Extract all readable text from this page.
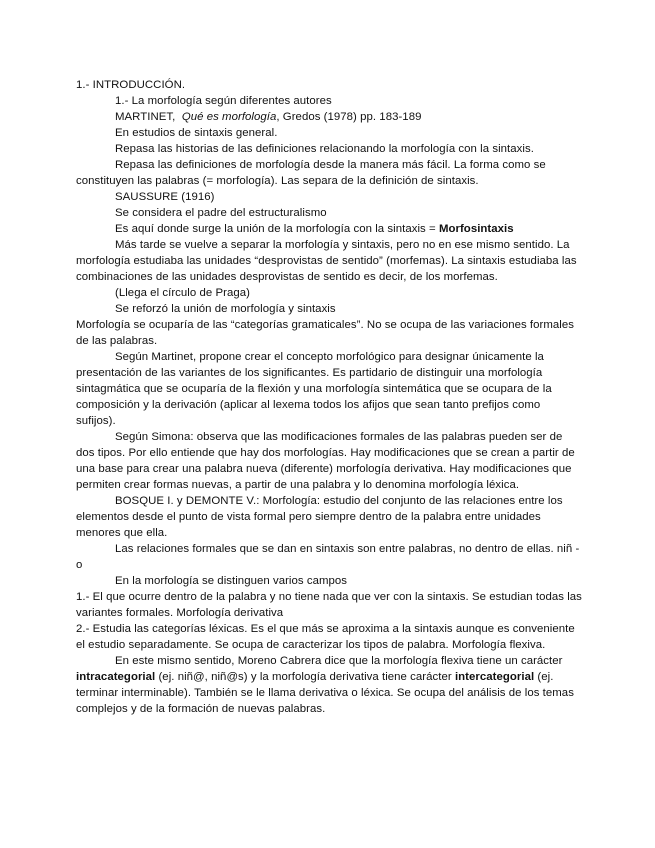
1.- INTRODUCCIÓN.

1.- La morfología según diferentes autores

MARTINET, Qué es morfología, Gredos (1978) pp. 183-189

En estudios de sintaxis general.

Repasa las historias de las definiciones relacionando la morfología con la sintaxis.

Repasa las definiciones de morfología desde la manera más fácil. La forma como se constituyen las palabras (= morfología). Las separa de la definición de sintaxis.

SAUSSURE (1916)

Se considera el padre del estructuralismo

Es aquí donde surge la unión de la morfología con la sintaxis = Morfosintaxis

Más tarde se vuelve a separar la morfología y sintaxis, pero no en ese mismo sentido. La morfología estudiaba las unidades “desprovistas de sentido” (morfemas). La sintaxis estudiaba las combinaciones de las unidades desprovistas de sentido es decir, de los morfemas.

(Llega el círculo de Praga)

Se reforzó la unión de morfología y sintaxis

Morfología se ocuparía de las “categorías gramaticales”. No se ocupa de las variaciones formales de las palabras.

Según Martinet, propone crear el concepto morfológico para designar únicamente la presentación de las variantes de los significantes. Es partidario de distinguir una morfología sintagmática que se ocuparía de la flexión y una morfología sintemática que se ocupara de la composición y la derivación (aplicar al lexema todos los afijos que sean tanto prefijos como sufijos).

Según Simona: observa que las modificaciones formales de las palabras pueden ser de dos tipos. Por ello entiende que hay dos morfologías. Hay modificaciones que se crean a partir de una base para crear una palabra nueva (diferente) morfología derivativa. Hay modificaciones que permiten crear formas nuevas, a partir de una palabra y lo denomina morfología léxica.

BOSQUE I. y DEMONTE V.: Morfología: estudio del conjunto de las relaciones entre los elementos desde el punto de vista formal pero siempre dentro de la palabra entre unidades menores que ella.

Las relaciones formales que se dan en sintaxis son entre palabras, no dentro de ellas. niñ -o

En la morfología se distinguen varios campos

1.- El que ocurre dentro de la palabra y no tiene nada que ver con la sintaxis. Se estudian todas las variantes formales. Morfología derivativa

2.- Estudia las categorías léxicas. Es el que más se aproxima a la sintaxis aunque es conveniente el estudio separadamente. Se ocupa de caracterizar los tipos de palabra. Morfología flexiva.

En este mismo sentido, Moreno Cabrera dice que la morfología flexiva tiene un carácter intracategorial (ej. niñ@, niñ@s) y la morfología derivativa tiene carácter intercategorial (ej. terminar interminable). También se le llama derivativa o léxica. Se ocupa del análisis de los temas complejos y de la formación de nuevas palabras.
